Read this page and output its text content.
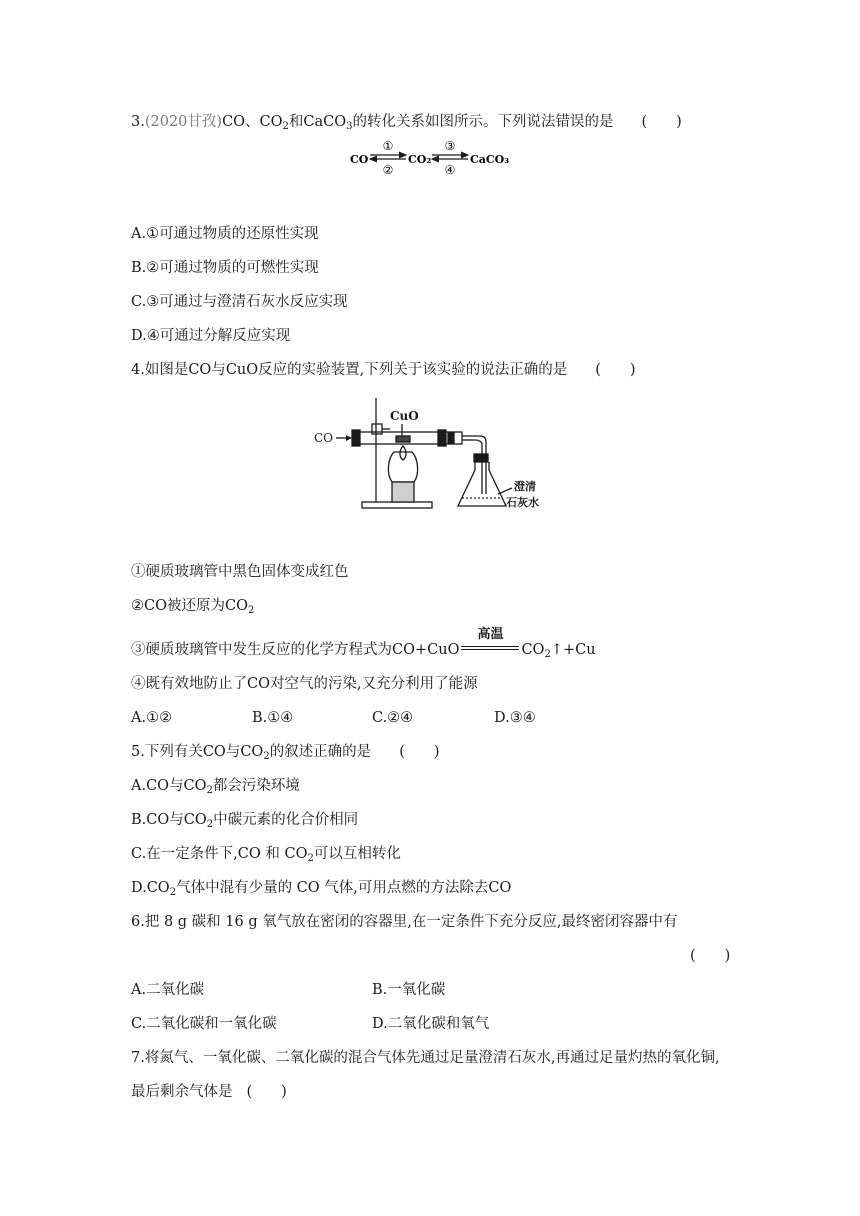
3.(2020甘孜)CO、$CO_2$和CaCO$_3$的转化关系如图所示。下列说法错误的是 (　　)
CO	CO₂	CaCO₃
①
②
③
④
A.①可通过物质的还原性实现
B.②可通过物质的可燃性实现
C.③可通过与澄清石灰水反应实现
D.④可通过分解反应实现
4.如图是CO与CuO反应的实验装置,下列关于该实验的说法正确的是 (　　)
CO
CuO
澄清
石灰水
①硬质玻璃管中黑色固体变成红色
②CO被还原为$CO_2$
③硬质玻璃管中发生反应的化学方程式为CO+CuO
高温
$CO_2↑+Cu$
④既有效地防止了CO对空气的污染,又充分利用了能源
A.①②	B.①④	C.②④	D.③④
5.下列有关CO与$CO_2$的叙述正确的是 (　　)
A.CO与$CO_2$都会污染环境
B.CO与$CO_2$中碳元素的化合价相同
C.在一定条件下,CO 和 $CO_2$可以互相转化
$D.CO_2$气体中混有少量的 CO 气体,可用点燃的方法除去CO
6.把 8 g 碳和 16 g 氧气放在密闭的容器里,在一定条件下充分反应,最终密闭容器中有
(　　)
A.二氧化碳	B.一氧化碳
C.二氧化碳和一氧化碳	D.二氧化碳和氧气
7.将氮气、一氧化碳、二氧化碳的混合气体先通过足量澄清石灰水,再通过足量灼热的氧化铜,
最后剩余气体是 (　　)
